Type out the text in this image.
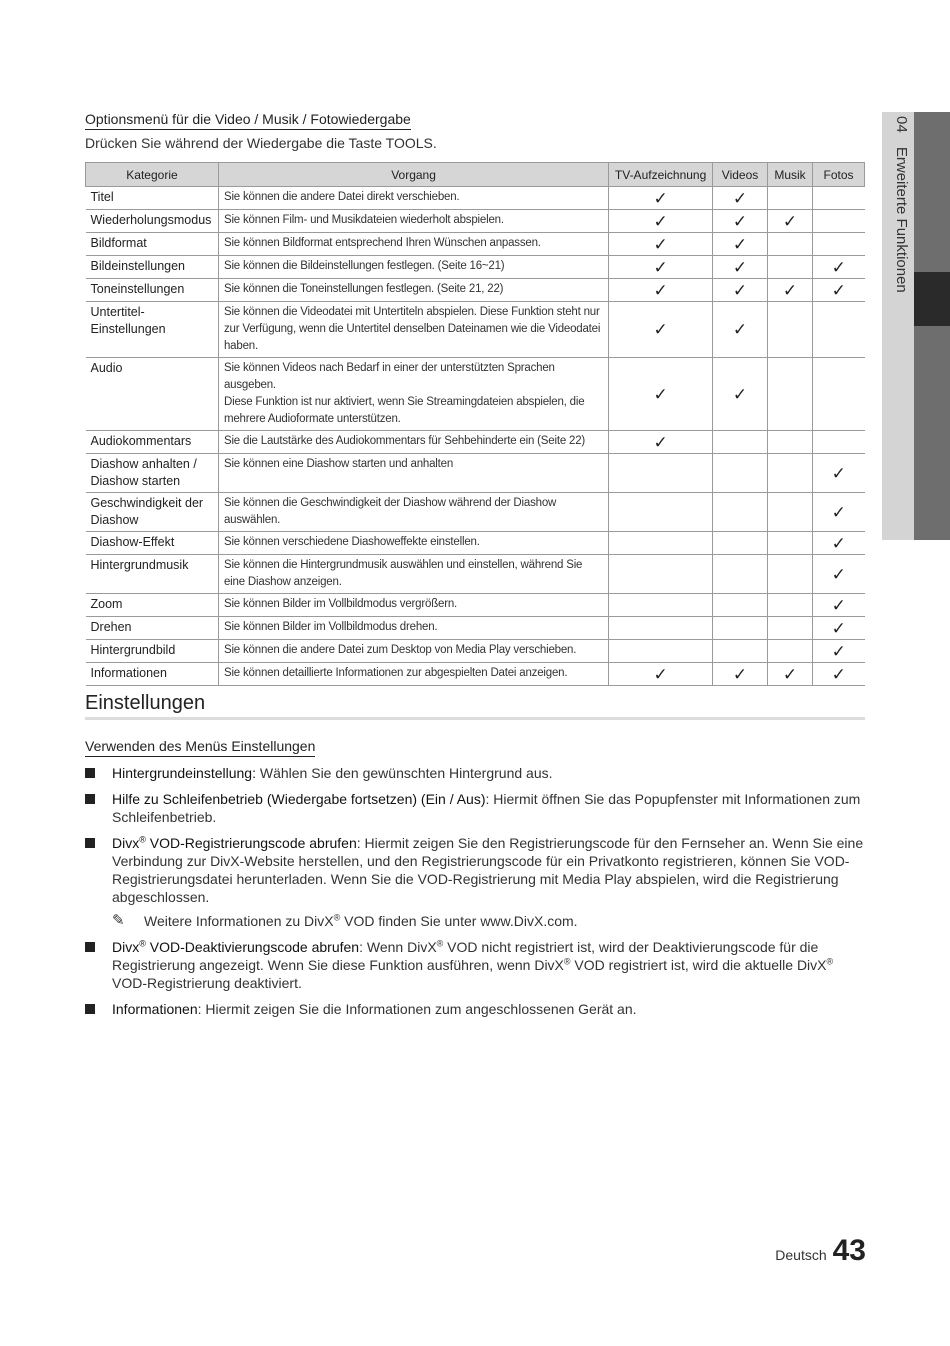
04 Erweiterte Funktionen
Optionsmenü für die Video / Musik / Fotowiedergabe
Drücken Sie während der Wiedergabe die Taste TOOLS.
Kategorie	Vorgang	TV-Aufzeichnung	Videos	Musik	Fotos
Titel	Sie können die andere Datei direkt verschieben.	✓	✓		
Wiederholungsmodus	Sie können Film- und Musikdateien wiederholt abspielen.	✓	✓	✓	
Bildformat	Sie können Bildformat entsprechend Ihren Wünschen anpassen.	✓	✓		
Bildeinstellungen	Sie können die Bildeinstellungen festlegen. (Seite 16~21)	✓	✓		✓
Toneinstellungen	Sie können die Toneinstellungen festlegen. (Seite 21, 22)	✓	✓	✓	✓
Untertitel-
Einstellungen	Sie können die Videodatei mit Untertiteln abspielen. Diese Funktion steht nur zur Verfügung, wenn die Untertitel denselben Dateinamen wie die Videodatei haben.	✓	✓		
Audio	Sie können Videos nach Bedarf in einer der unterstützten Sprachen ausgeben.
Diese Funktion ist nur aktiviert, wenn Sie Streamingdateien abspielen, die mehrere Audioformate unterstützen.	✓	✓		
Audiokommentars	Sie die Lautstärke des Audiokommentars für Sehbehinderte ein (Seite 22)	✓			
Diashow anhalten /
Diashow starten	Sie können eine Diashow starten und anhalten				✓
Geschwindigkeit der
Diashow	Sie können die Geschwindigkeit der Diashow während der Diashow auswählen.				✓
Diashow-Effekt	Sie können verschiedene Diashoweffekte einstellen.				✓
Hintergrundmusik	Sie können die Hintergrundmusik auswählen und einstellen, während Sie eine Diashow anzeigen.				✓
Zoom	Sie können Bilder im Vollbildmodus vergrößern.				✓
Drehen	Sie können Bilder im Vollbildmodus drehen.				✓
Hintergrundbild	Sie können die andere Datei zum Desktop von Media Play verschieben.				✓
Informationen	Sie können detaillierte Informationen zur abgespielten Datei anzeigen.	✓	✓	✓	✓
Einstellungen
Verwenden des Menüs Einstellungen
Hintergrundeinstellung: Wählen Sie den gewünschten Hintergrund aus.
Hilfe zu Schleifenbetrieb (Wiedergabe fortsetzen) (Ein / Aus): Hiermit öffnen Sie das Popupfenster mit Informationen zum Schleifenbetrieb.
Divx® VOD-Registrierungscode abrufen: Hiermit zeigen Sie den Registrierungscode für den Fernseher an. Wenn Sie eine Verbindung zur DivX-Website herstellen, und den Registrierungscode für ein Privatkonto registrieren, können Sie VOD-Registrierungsdatei herunterladen. Wenn Sie die VOD-Registrierung mit Media Play abspielen, wird die Registrierung abgeschlossen.
✎ Weitere Informationen zu DivX® VOD finden Sie unter www.DivX.com.
Divx® VOD-Deaktivierungscode abrufen: Wenn DivX® VOD nicht registriert ist, wird der Deaktivierungscode für die Registrierung angezeigt. Wenn Sie diese Funktion ausführen, wenn DivX® VOD registriert ist, wird die aktuelle DivX® VOD-Registrierung deaktiviert.
Informationen: Hiermit zeigen Sie die Informationen zum angeschlossenen Gerät an.
Deutsch 43
